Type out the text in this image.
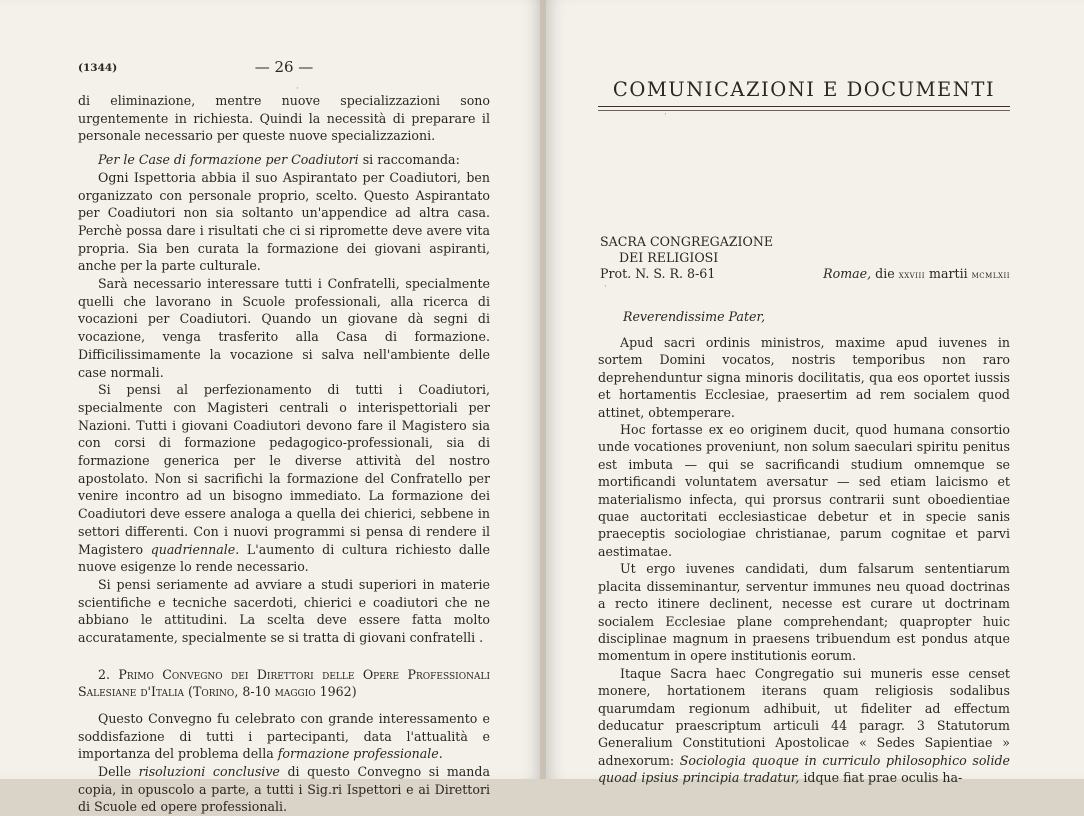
(1344)	— 26 —

di eliminazione, mentre nuove specializzazioni sono urgentemente in richiesta. Quindi la necessità di preparare il personale necessario per queste nuove specializzazioni.

Per le Case di formazione per Coadiutori si raccomanda:

Ogni Ispettoria abbia il suo Aspirantato per Coadiutori, ben organizzato con personale proprio, scelto. Questo Aspirantato per Coadiutori non sia soltanto un'appendice ad altra casa. Perchè possa dare i risultati che ci si ripromette deve avere vita propria. Sia ben curata la formazione dei giovani aspiranti, anche per la parte culturale.

Sarà necessario interessare tutti i Confratelli, specialmente quelli che lavorano in Scuole professionali, alla ricerca di vocazioni per Coadiutori. Quando un giovane dà segni di vocazione, venga trasferito alla Casa di formazione. Difficilissimamente la vocazione si salva nell'ambiente delle case normali.

Si pensi al perfezionamento di tutti i Coadiutori, specialmente con Magisteri centrali o interispettoriali per Nazioni. Tutti i giovani Coadiutori devono fare il Magistero sia con corsi di formazione pedagogico-professionali, sia di formazione generica per le diverse attività del nostro apostolato. Non si sacrifichi la formazione del Confratello per venire incontro ad un bisogno immediato. La formazione dei Coadiutori deve essere analoga a quella dei chierici, sebbene in settori differenti. Con i nuovi programmi si pensa di rendere il Magistero quadriennale. L'aumento di cultura richiesto dalle nuove esigenze lo rende necessario.

Si pensi seriamente ad avviare a studi superiori in materie scientifiche e tecniche sacerdoti, chierici e coadiutori che ne abbiano le attitudini. La scelta deve essere fatta molto accuratamente, specialmente se si tratta di giovani confratelli .

2. Primo Convegno dei Direttori delle Opere Professionali Salesiane d'Italia (Torino, 8-10 maggio 1962)

Questo Convegno fu celebrato con grande interessamento e soddisfazione di tutti i partecipanti, data l'attualità e importanza del problema della formazione professionale.

Delle risoluzioni conclusive di questo Convegno si manda copia, in opuscolo a parte, a tutti i Sig.ri Ispettori e ai Direttori di Scuole ed opere professionali.

COMUNICAZIONI E DOCUMENTI
SACRA CONGREGAZIONE
DEI RELIGIOSI
Prot. N. S. R. 8-61	Romae, die xxviii martii mcmlxii
Reverendissime Pater,

Apud sacri ordinis ministros, maxime apud iuvenes in sortem Domini vocatos, nostris temporibus non raro deprehenduntur signa minoris docilitatis, qua eos oportet iussis et hortamentis Ecclesiae, praesertim ad rem socialem quod attinet, obtemperare.

Hoc fortasse ex eo originem ducit, quod humana consortio unde vocationes proveniunt, non solum saeculari spiritu penitus est imbuta — qui se sacrificandi studium omnemque se mortificandi voluntatem aversatur — sed etiam laicismo et materialismo infecta, qui prorsus contrarii sunt oboedientiae quae auctoritati ecclesiasticae debetur et in specie sanis praeceptis sociologiae christianae, parum cognitae et parvi aestimatae.

Ut ergo iuvenes candidati, dum falsarum sententiarum placita disseminantur, serventur immunes neu quoad doctrinas a recto itinere declinent, necesse est curare ut doctrinam socialem Ecclesiae plane comprehendant; quapropter huic disciplinae magnum in praesens tribuendum est pondus atque momentum in opere institutionis eorum.

Itaque Sacra haec Congregatio sui muneris esse censet monere, hortationem iterans quam religiosis sodalibus quarumdam regionum adhibuit, ut fideliter ad effectum deducatur praescriptum articuli 44 paragr. 3 Statutorum Generalium Constitutioni Apostolicae « Sedes Sapientiae » adnexorum: Sociologia quoque in curriculo philosophico solide quoad ipsius principia tradatur, idque fiat prae oculis ha-

·
·
·
